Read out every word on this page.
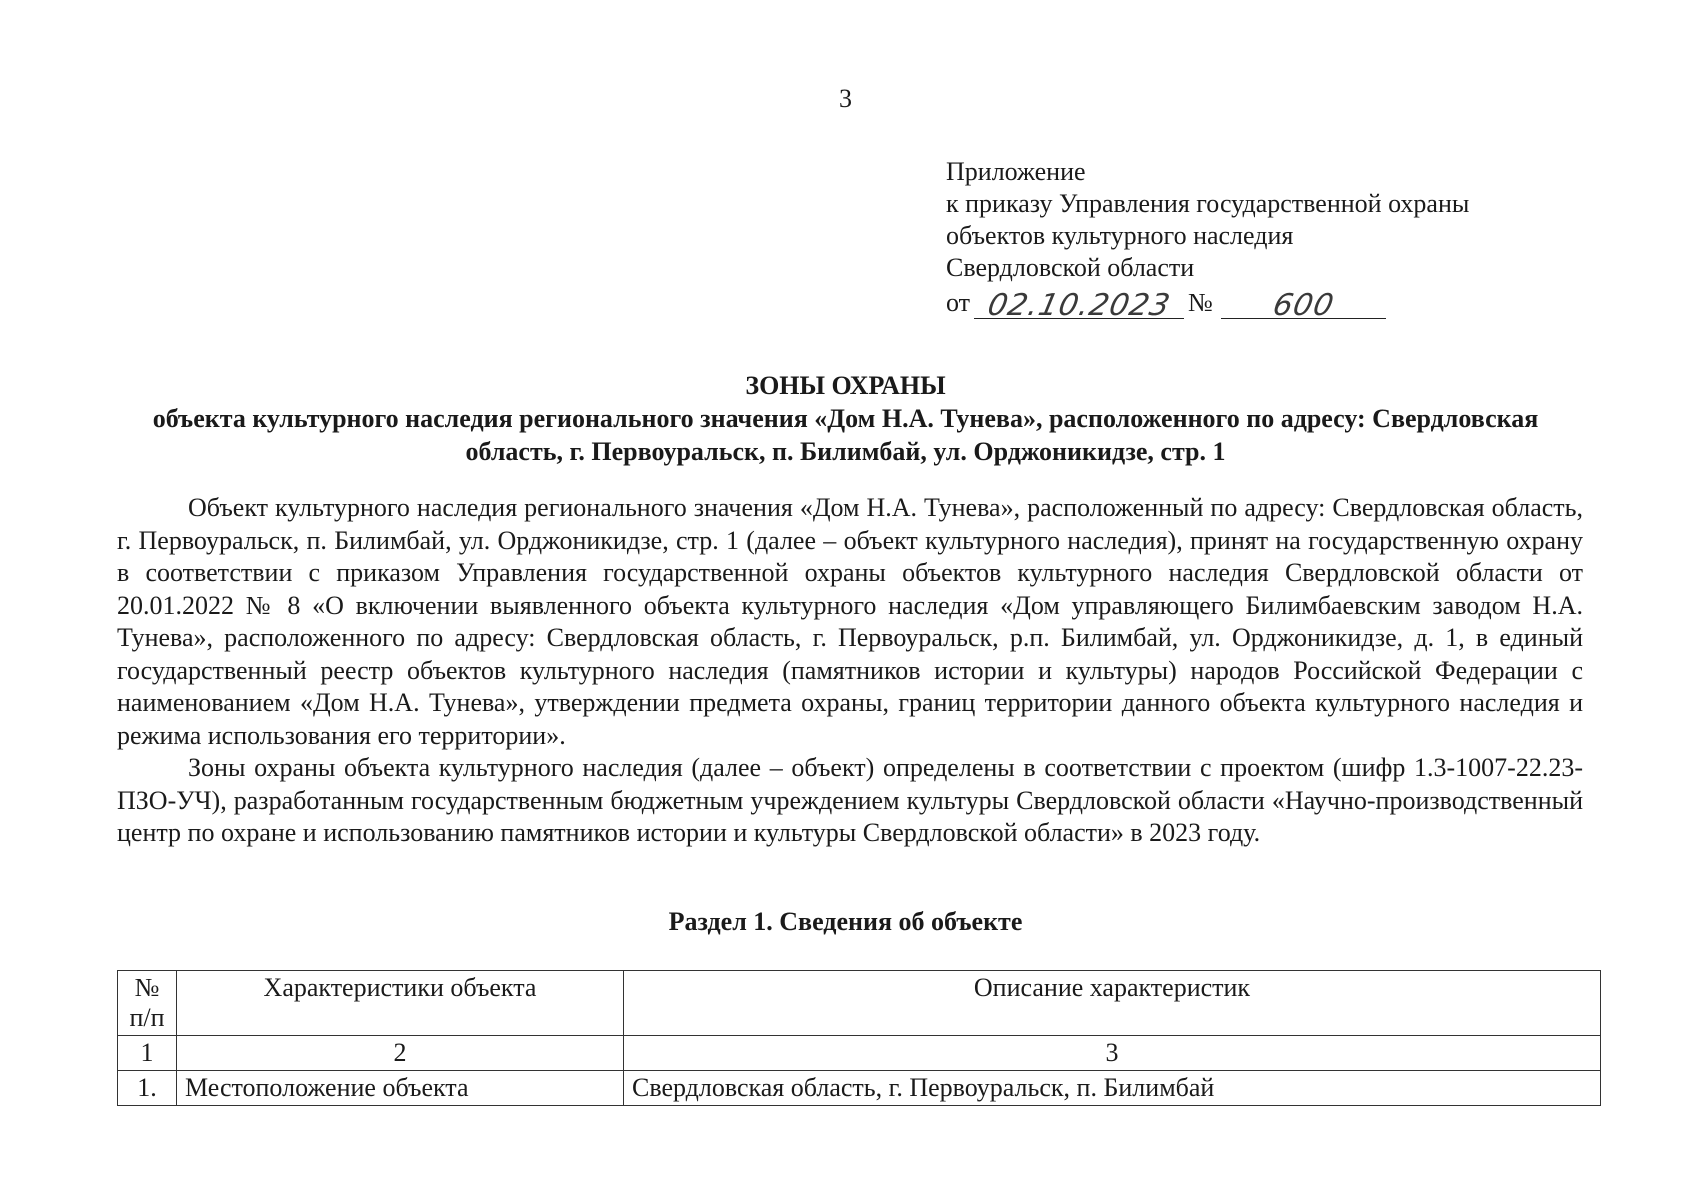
3
Приложение
к приказу Управления государственной охраны
объектов культурного наследия
Свердловской области
от 02.10.2023 №	600
ЗОНЫ ОХРАНЫ
объекта культурного наследия регионального значения «Дом Н.А. Тунева», расположенного по адресу: Свердловская область, г. Первоуральск, п. Билимбай, ул. Орджоникидзе, стр. 1

Объект культурного наследия регионального значения «Дом Н.А. Тунева», расположенный по адресу: Свердловская область, г. Первоуральск, п. Билимбай, ул. Орджоникидзе, стр. 1 (далее – объект культурного наследия), принят на государственную охрану в соответствии с приказом Управления государственной охраны объектов культурного наследия Свердловской области от 20.01.2022 № 8 «О включении выявленного объекта культурного наследия «Дом управляющего Билимбаевским заводом Н.А. Тунева», расположенного по адресу: Свердловская область, г. Первоуральск, р.п. Билимбай, ул. Орджоникидзе, д. 1, в единый государственный реестр объектов культурного наследия (памятников истории и культуры) народов Российской Федерации с наименованием «Дом Н.А. Тунева», утверждении предмета охраны, границ территории данного объекта культурного наследия и режима использования его территории».

Зоны охраны объекта культурного наследия (далее – объект) определены в соответствии с проектом (шифр 1.3-1007-22.23-ПЗО-УЧ), разработанным государственным бюджетным учреждением культуры Свердловской области «Научно-производственный центр по охране и использованию памятников истории и культуры Свердловской области» в 2023 году.

Раздел 1. Сведения об объекте
№ п/п	Характеристики объекта	Описание характеристик
1	2	3
1.	Местоположение объекта	Свердловская область, г. Первоуральск, п. Билимбай
